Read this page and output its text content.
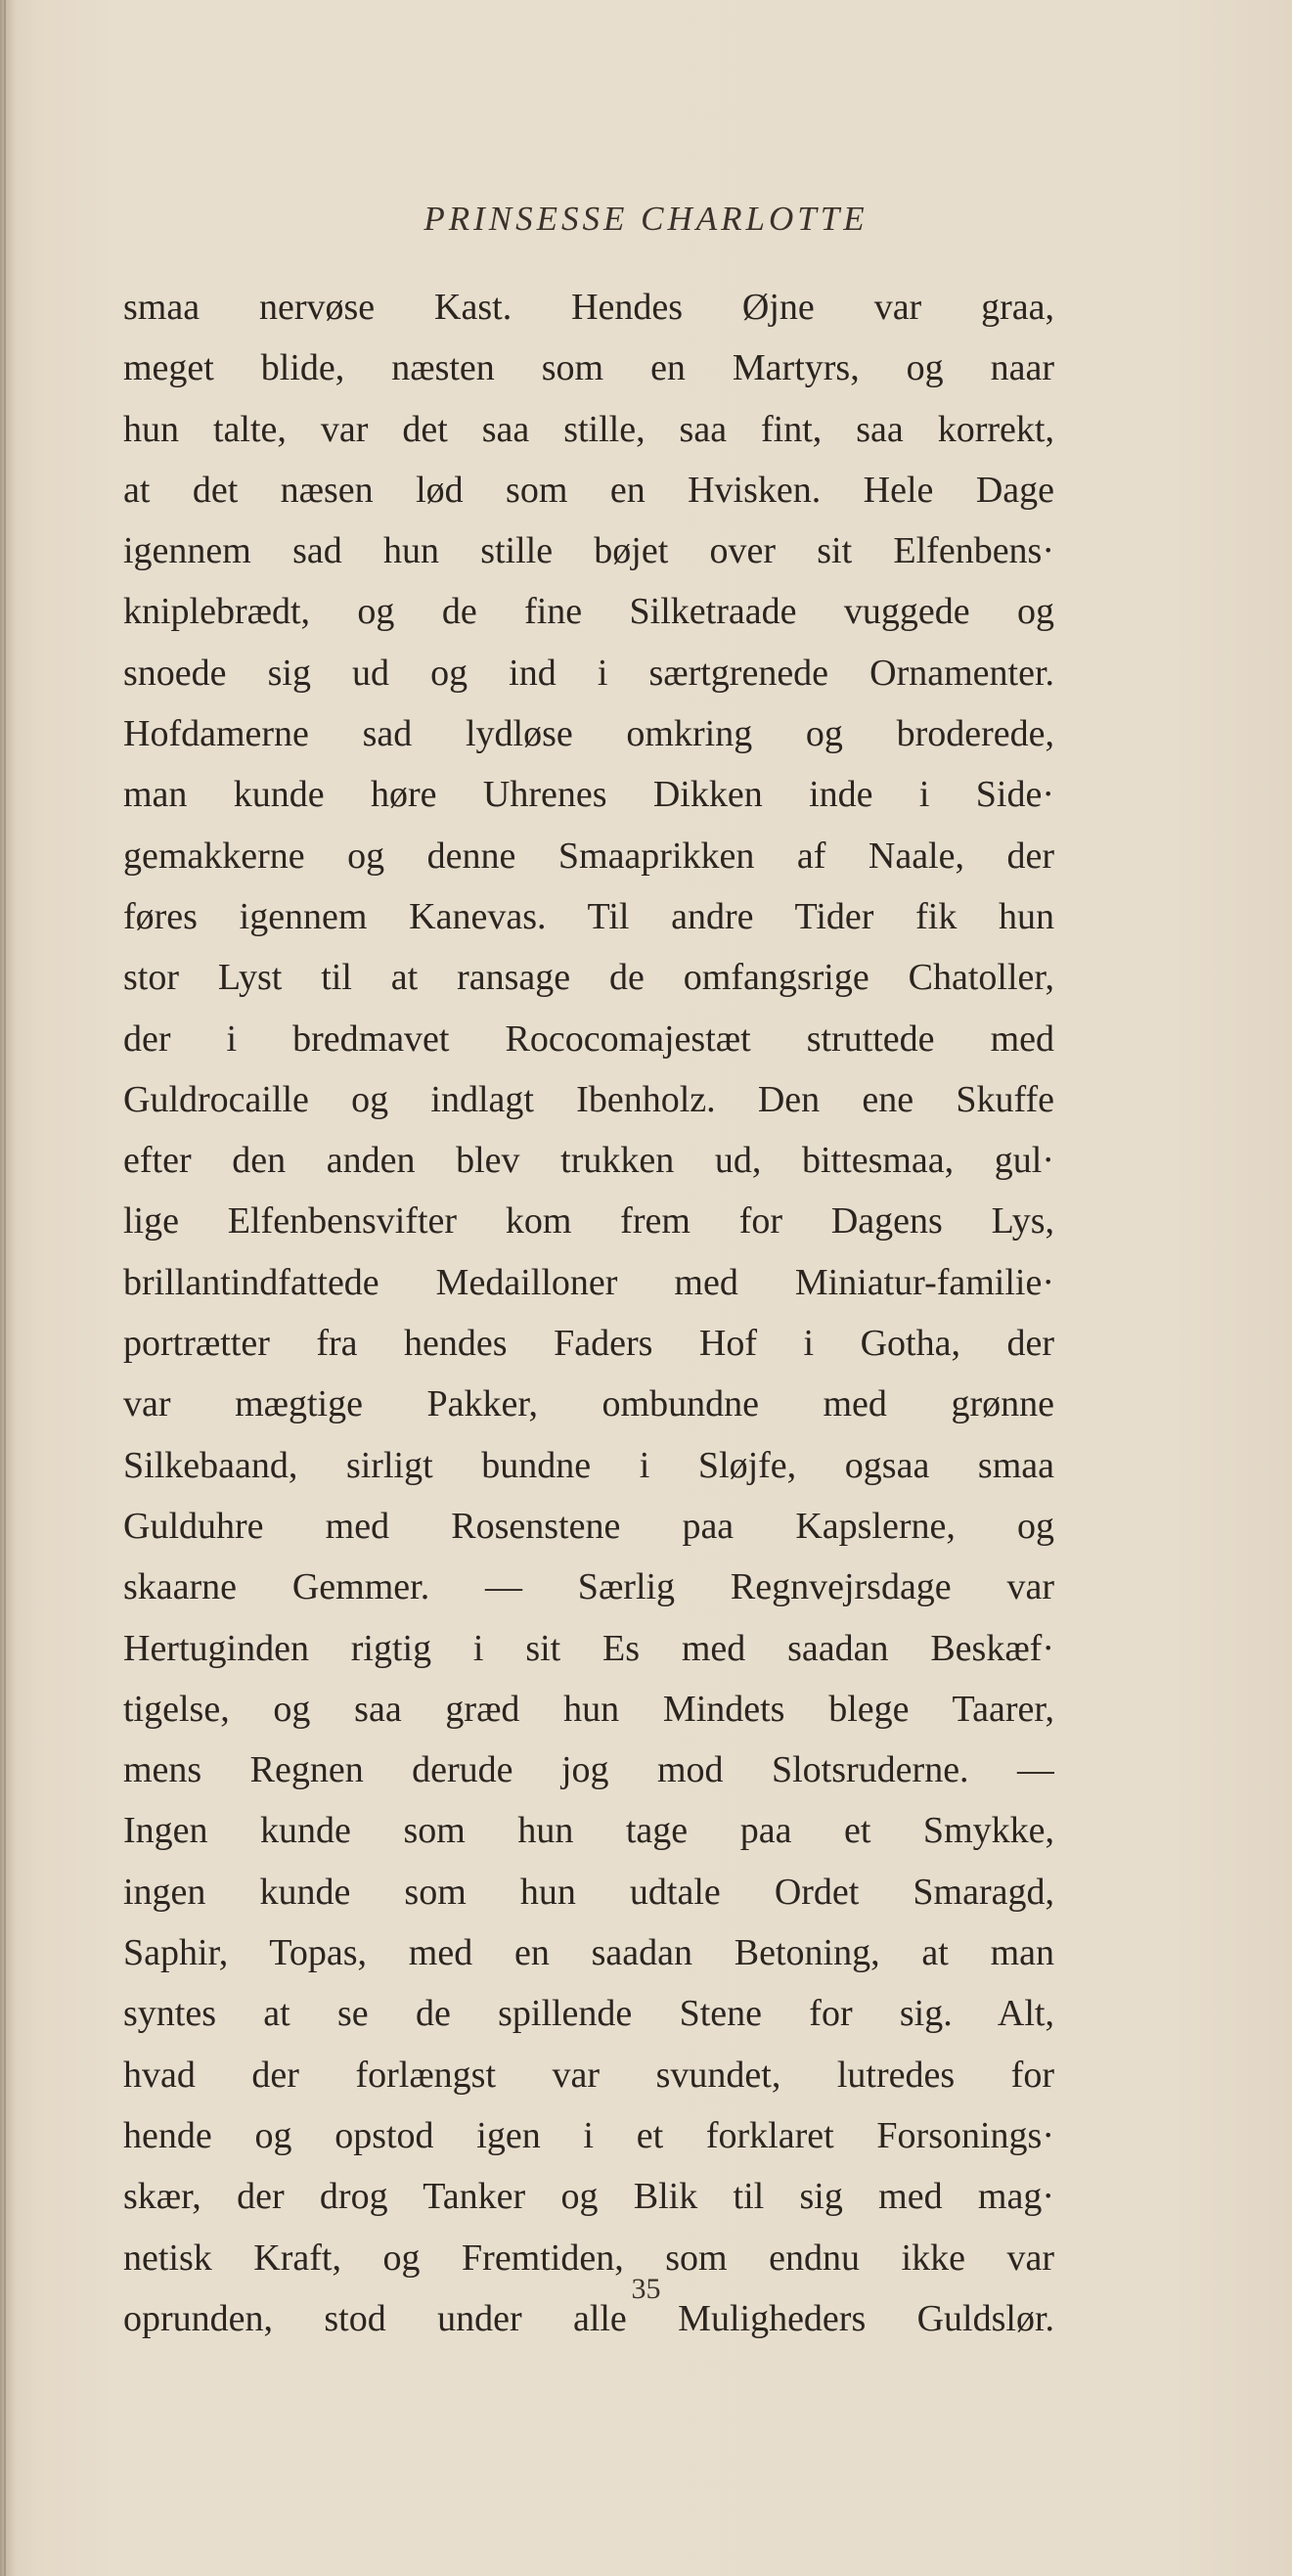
PRINSESSE CHARLOTTE
smaa nervøse Kast. Hendes Øjne var graa,
meget blide, næsten som en Martyrs, og naar
hun talte, var det saa stille, saa fint, saa korrekt,
at det næsen lød som en Hvisken. Hele Dage
igennem sad hun stille bøjet over sit Elfenbens·
kniplebrædt, og de fine Silketraade vuggede og
snoede sig ud og ind i særtgrenede Ornamenter.
Hofdamerne sad lydløse omkring og broderede,
man kunde høre Uhrenes Dikken inde i Side·
gemakkerne og denne Smaaprikken af Naale, der
føres igennem Kanevas. Til andre Tider fik hun
stor Lyst til at ransage de omfangsrige Chatoller,
der i bredmavet Rococomajestæt struttede med
Guldrocaille og indlagt Ibenholz. Den ene Skuffe
efter den anden blev trukken ud, bittesmaa, gul·
lige Elfenbensvifter kom frem for Dagens Lys,
brillantindfattede Medailloner med Miniatur-familie·
portrætter fra hendes Faders Hof i Gotha, der
var mægtige Pakker, ombundne med grønne
Silkebaand, sirligt bundne i Sløjfe, ogsaa smaa
Gulduhre med Rosenstene paa Kapslerne, og
skaarne Gemmer. — Særlig Regnvejrsdage var
Hertuginden rigtig i sit Es med saadan Beskæf·
tigelse, og saa græd hun Mindets blege Taarer,
mens Regnen derude jog mod Slotsruderne. —
Ingen kunde som hun tage paa et Smykke,
ingen kunde som hun udtale Ordet Smaragd,
Saphir, Topas, med en saadan Betoning, at man
syntes at se de spillende Stene for sig. Alt,
hvad der forlængst var svundet, lutredes for
hende og opstod igen i et forklaret Forsonings·
skær, der drog Tanker og Blik til sig med mag·
netisk Kraft, og Fremtiden, som endnu ikke var
oprunden, stod under alle Muligheders Guldslør.
35
